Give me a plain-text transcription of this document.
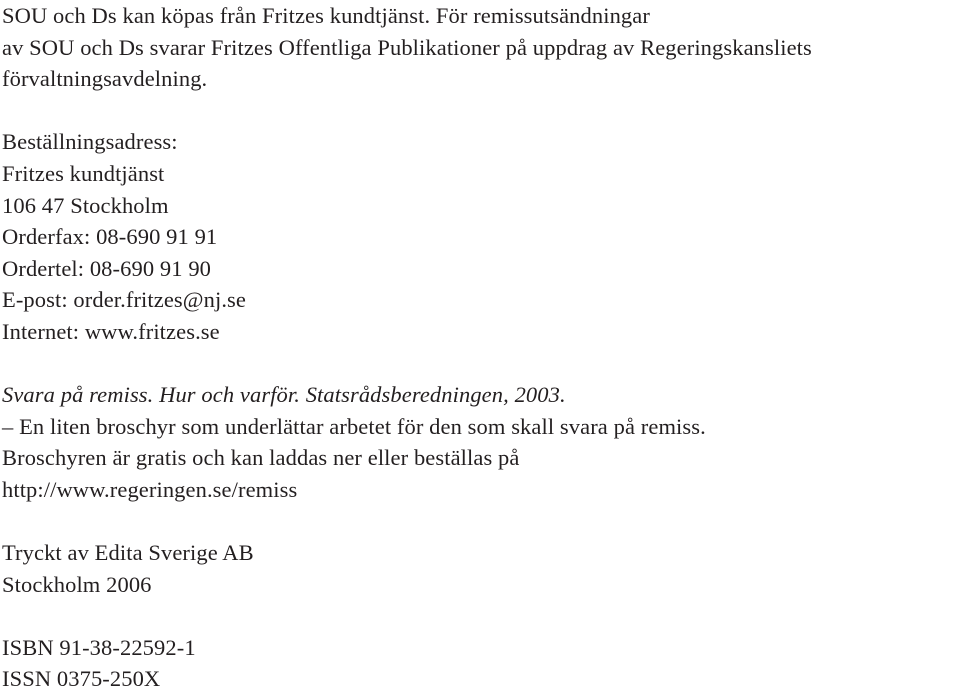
SOU och Ds kan köpas från Fritzes kundtjänst. För remissutsändningar
av SOU och Ds svarar Fritzes Offentliga Publikationer på uppdrag av Regeringskansliets
förvaltningsavdelning.
Beställningsadress:
Fritzes kundtjänst
106 47 Stockholm
Orderfax: 08-690 91 91
Ordertel: 08-690 91 90
E-post: order.fritzes@nj.se
Internet: www.fritzes.se
Svara på remiss. Hur och varför. Statsrådsberedningen, 2003.
– En liten broschyr som underlättar arbetet för den som skall svara på remiss.
Broschyren är gratis och kan laddas ner eller beställas på
http://www.regeringen.se/remiss
Tryckt av Edita Sverige AB
Stockholm 2006
ISBN 91-38-22592-1
ISSN 0375-250X
